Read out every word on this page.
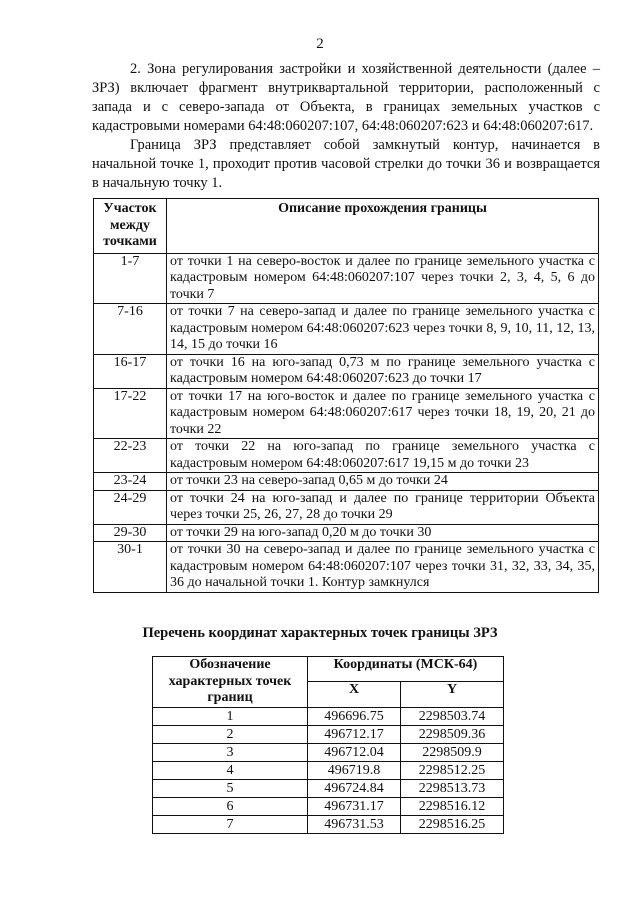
2

2. Зона регулирования застройки и хозяйственной деятельности (далее – ЗРЗ) включает фрагмент внутриквартальной территории, расположенный с запада и с северо-запада от Объекта, в границах земельных участков с кадастровыми номерами 64:48:060207:107, 64:48:060207:623 и 64:48:060207:617.

Граница ЗРЗ представляет собой замкнутый контур, начинается в начальной точке 1, проходит против часовой стрелки до точки 36 и возвращается в начальную точку 1.

Участок между точками	Описание прохождения границы
1-7	от точки 1 на северо-восток и далее по границе земельного участка с кадастровым номером 64:48:060207:107 через точки 2, 3, 4, 5, 6 до точки 7
7-16	от точки 7 на северо-запад и далее по границе земельного участка с кадастровым номером 64:48:060207:623 через точки 8, 9, 10, 11, 12, 13, 14, 15 до точки 16
16-17	от точки 16 на юго-запад 0,73 м по границе земельного участка с кадастровым номером 64:48:060207:623 до точки 17
17-22	от точки 17 на юго-восток и далее по границе земельного участка с кадастровым номером 64:48:060207:617 через точки 18, 19, 20, 21 до точки 22
22-23	от точки 22 на юго-запад по границе земельного участка с кадастровым номером 64:48:060207:617 19,15 м до точки 23
23-24	от точки 23 на северо-запад 0,65 м до точки 24
24-29	от точки 24 на юго-запад и далее по границе территории Объекта через точки 25, 26, 27, 28 до точки 29
29-30	от точки 29 на юго-запад 0,20 м до точки 30
30-1	от точки 30 на северо-запад и далее по границе земельного участка с кадастровым номером 64:48:060207:107 через точки 31, 32, 33, 34, 35, 36 до начальной точки 1. Контур замкнулся
Перечень координат характерных точек границы ЗРЗ
Обозначение характерных точек границ	Координаты (МСК-64)	
	X	Y
1	496696.75	2298503.74
2	496712.17	2298509.36
3	496712.04	2298509.9
4	496719.8	2298512.25
5	496724.84	2298513.73
6	496731.17	2298516.12
7	496731.53	2298516.25
